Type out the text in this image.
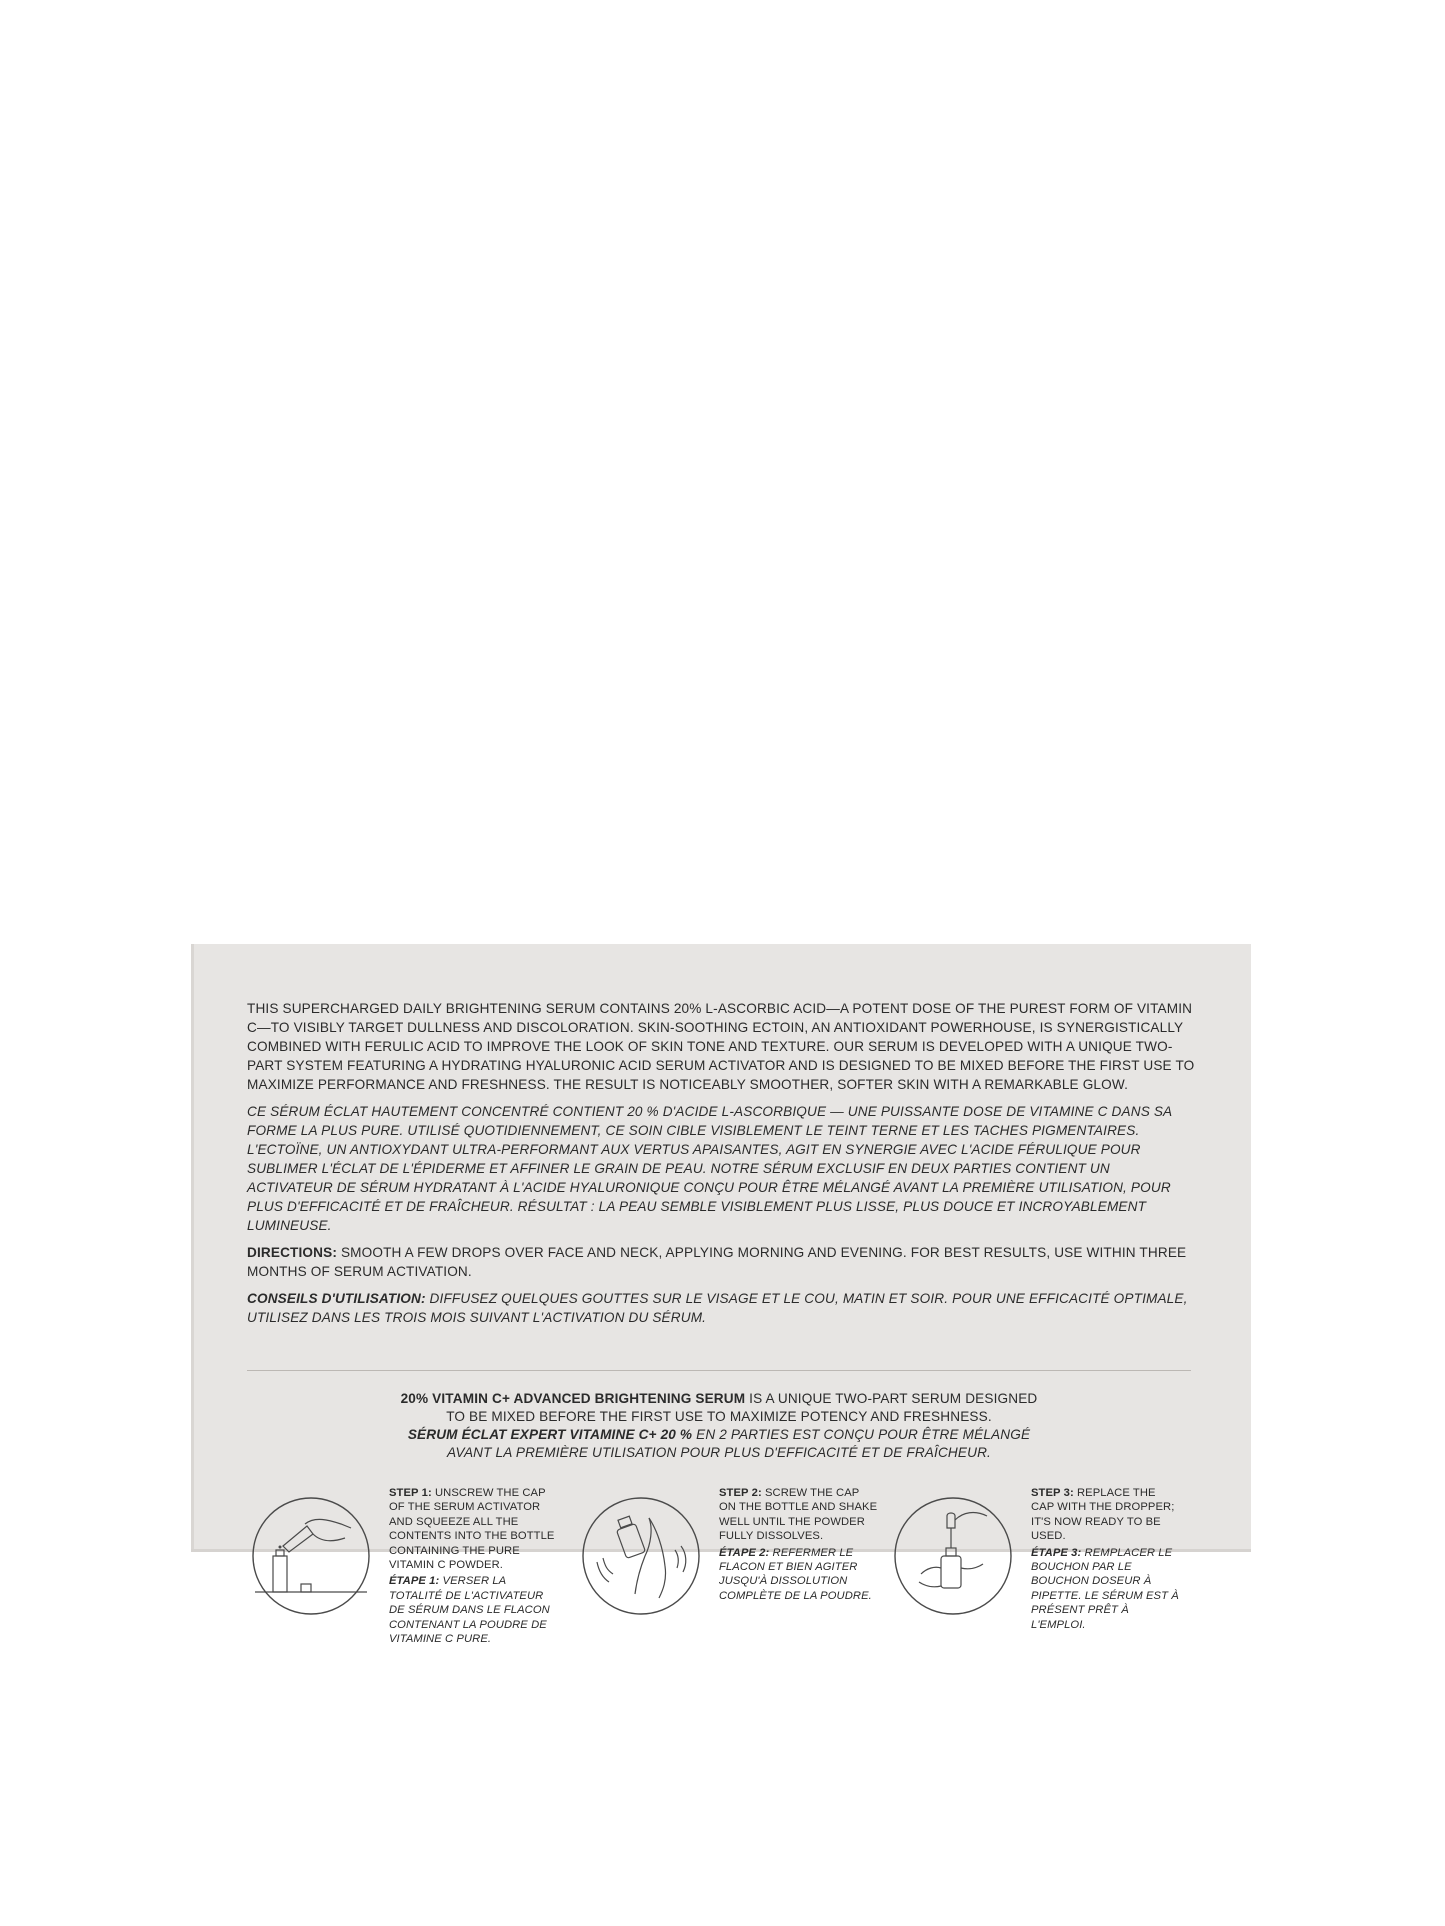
THIS SUPERCHARGED DAILY BRIGHTENING SERUM CONTAINS 20% L-ASCORBIC ACID—A POTENT DOSE OF THE PUREST FORM OF VITAMIN C—TO VISIBLY TARGET DULLNESS AND DISCOLORATION. SKIN-SOOTHING ECTOIN, AN ANTIOXIDANT POWERHOUSE, IS SYNERGISTICALLY COMBINED WITH FERULIC ACID TO IMPROVE THE LOOK OF SKIN TONE AND TEXTURE. OUR SERUM IS DEVELOPED WITH A UNIQUE TWO-PART SYSTEM FEATURING A HYDRATING HYALURONIC ACID SERUM ACTIVATOR AND IS DESIGNED TO BE MIXED BEFORE THE FIRST USE TO MAXIMIZE PERFORMANCE AND FRESHNESS. THE RESULT IS NOTICEABLY SMOOTHER, SOFTER SKIN WITH A REMARKABLE GLOW.

CE SÉRUM ÉCLAT HAUTEMENT CONCENTRÉ CONTIENT 20 % D'ACIDE L-ASCORBIQUE — UNE PUISSANTE DOSE DE VITAMINE C DANS SA FORME LA PLUS PURE. UTILISÉ QUOTIDIENNEMENT, CE SOIN CIBLE VISIBLEMENT LE TEINT TERNE ET LES TACHES PIGMENTAIRES. L'ECTOÏNE, UN ANTIOXYDANT ULTRA-PERFORMANT AUX VERTUS APAISANTES, AGIT EN SYNERGIE AVEC L'ACIDE FÉRULIQUE POUR SUBLIMER L'ÉCLAT DE L'ÉPIDERME ET AFFINER LE GRAIN DE PEAU. NOTRE SÉRUM EXCLUSIF EN DEUX PARTIES CONTIENT UN ACTIVATEUR DE SÉRUM HYDRATANT À L'ACIDE HYALURONIQUE CONÇU POUR ÊTRE MÉLANGÉ AVANT LA PREMIÈRE UTILISATION, POUR PLUS D'EFFICACITÉ ET DE FRAÎCHEUR. RÉSULTAT : LA PEAU SEMBLE VISIBLEMENT PLUS LISSE, PLUS DOUCE ET INCROYABLEMENT LUMINEUSE.

DIRECTIONS: SMOOTH A FEW DROPS OVER FACE AND NECK, APPLYING MORNING AND EVENING. FOR BEST RESULTS, USE WITHIN THREE MONTHS OF SERUM ACTIVATION.

CONSEILS D'UTILISATION: DIFFUSEZ QUELQUES GOUTTES SUR LE VISAGE ET LE COU, MATIN ET SOIR. POUR UNE EFFICACITÉ OPTIMALE, UTILISEZ DANS LES TROIS MOIS SUIVANT L'ACTIVATION DU SÉRUM.

20% VITAMIN C+ ADVANCED BRIGHTENING SERUM IS A UNIQUE TWO-PART SERUM DESIGNED

TO BE MIXED BEFORE THE FIRST USE TO MAXIMIZE POTENCY AND FRESHNESS.

SÉRUM ÉCLAT EXPERT VITAMINE C+ 20 % EN 2 PARTIES EST CONÇU POUR ÊTRE MÉLANGÉ

AVANT LA PREMIÈRE UTILISATION POUR PLUS D'EFFICACITÉ ET DE FRAÎCHEUR.

STEP 1: UNSCREW THE CAP OF THE SERUM ACTIVATOR AND SQUEEZE ALL THE CONTENTS INTO THE BOTTLE CONTAINING THE PURE VITAMIN C POWDER.

ÉTAPE 1: VERSER LA TOTALITÉ DE L'ACTIVATEUR DE SÉRUM DANS LE FLACON CONTENANT LA POUDRE DE VITAMINE C PURE.

STEP 2: SCREW THE CAP ON THE BOTTLE AND SHAKE WELL UNTIL THE POWDER FULLY DISSOLVES.

ÉTAPE 2: REFERMER LE FLACON ET BIEN AGITER JUSQU'À DISSOLUTION COMPLÈTE DE LA POUDRE.

STEP 3: REPLACE THE CAP WITH THE DROPPER; IT'S NOW READY TO BE USED.

ÉTAPE 3: REMPLACER LE BOUCHON PAR LE BOUCHON DOSEUR À PIPETTE. LE SÉRUM EST À PRÉSENT PRÊT À L'EMPLOI.
